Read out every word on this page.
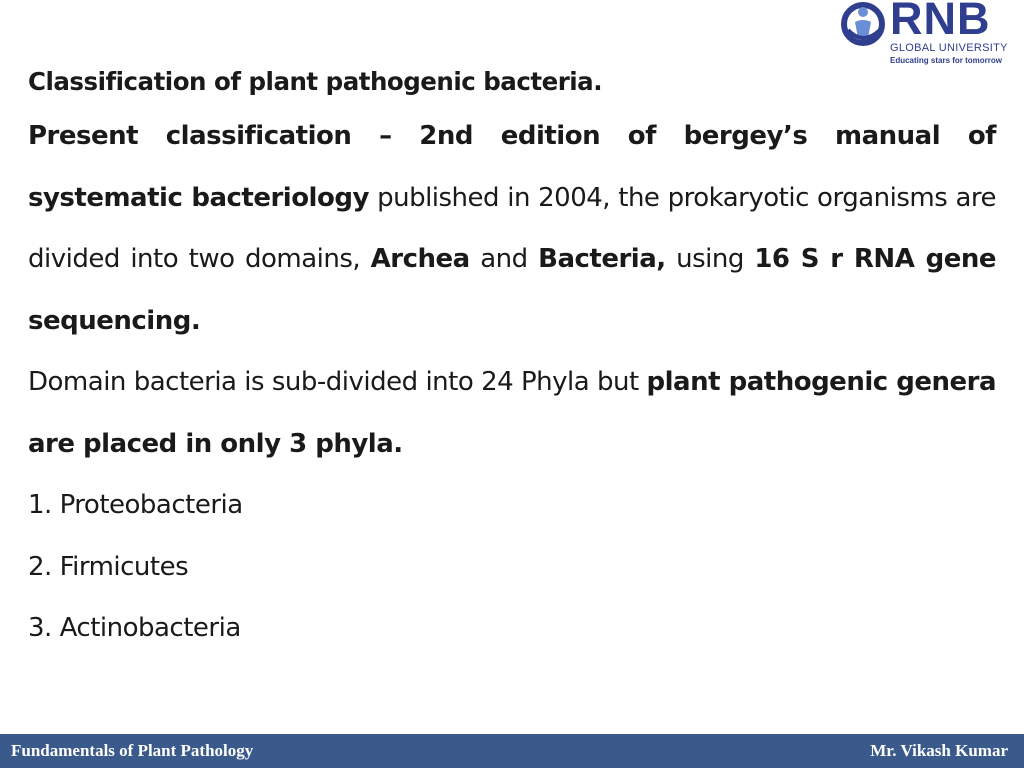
RNB
GLOBAL UNIVERSITY
Educating stars for tomorrow

Classification of plant pathogenic bacteria.

Present classification – 2nd edition of bergey’s manual of systematic bacteriology published in 2004, the prokaryotic organisms are divided into two domains, Archea and Bacteria, using 16 S r RNA gene sequencing.

Domain bacteria is sub-divided into 24 Phyla but plant pathogenic genera are placed in only 3 phyla.

1. Proteobacteria

2. Firmicutes

3. Actinobacteria

Fundamentals of Plant Pathology	Mr. Vikash Kumar
